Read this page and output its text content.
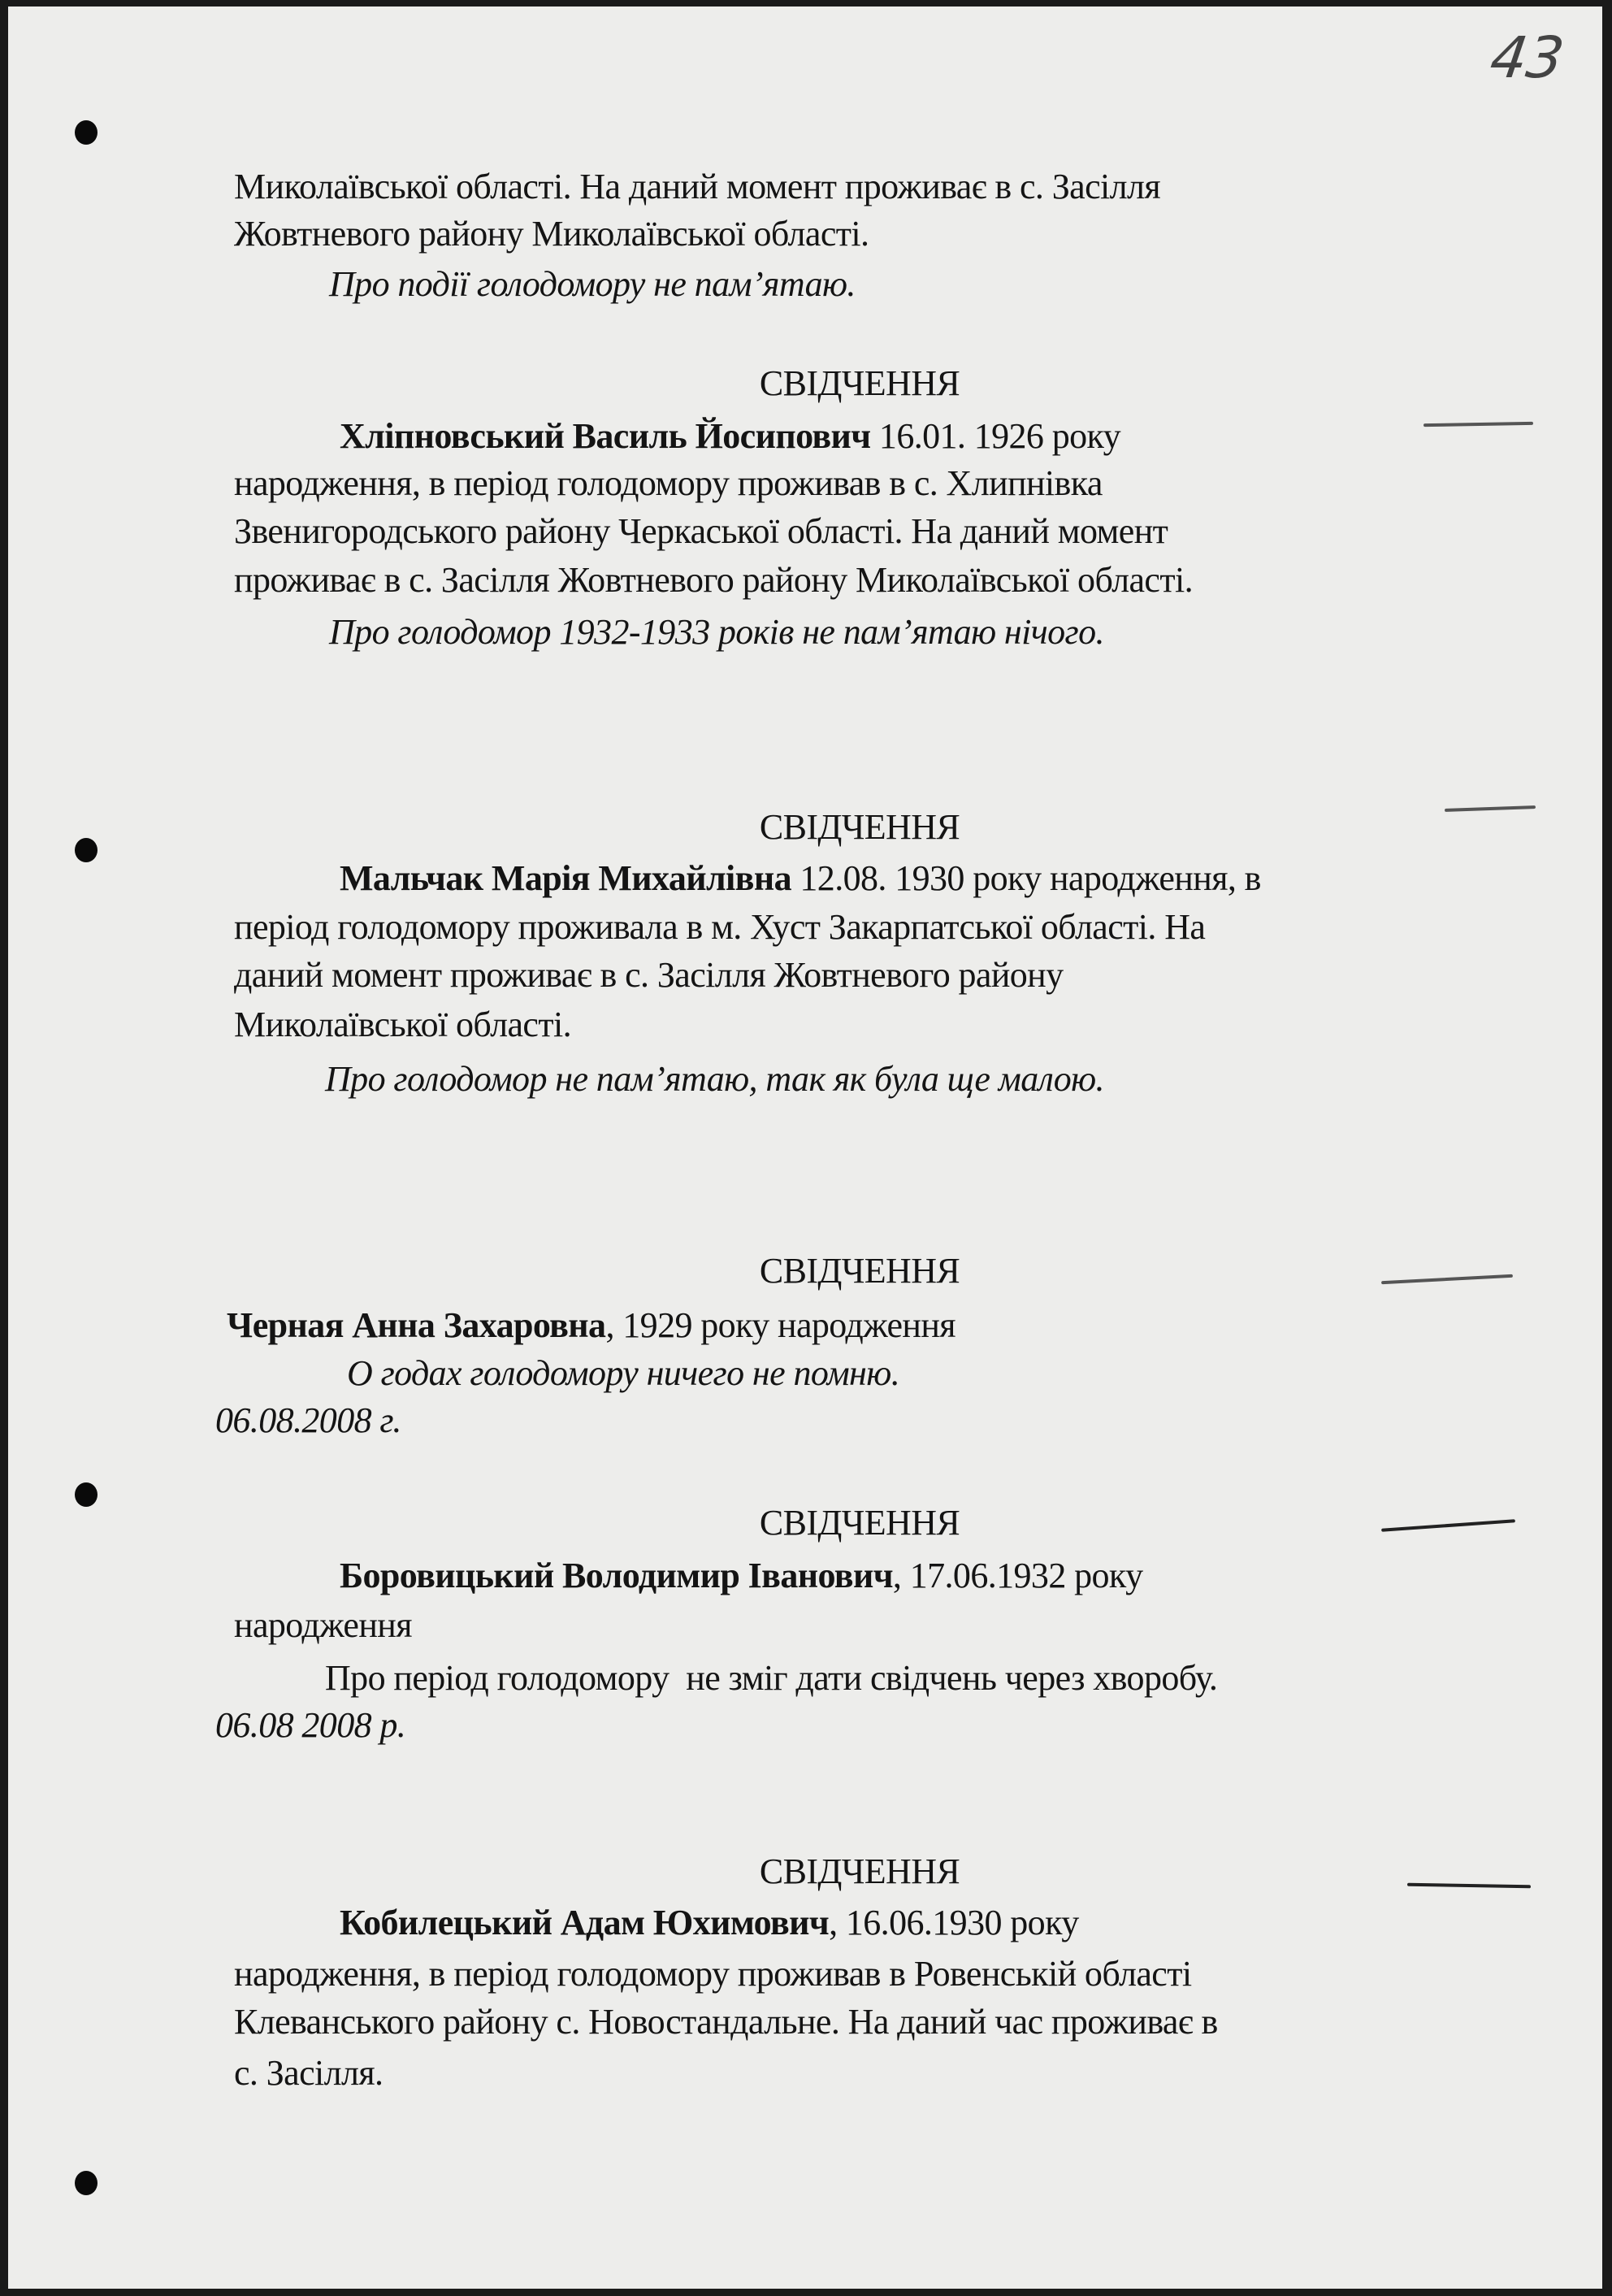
43
Миколаївської області. На даний момент проживає в с. Засілля
Жовтневого району Миколаївської області.
Про події голодомору не пам’ятаю.
СВІДЧЕННЯ
Хліпновський Василь Йосипович 16.01. 1926 року
народження, в період голодомору проживав в с. Хлипнівка
Звенигородського району Черкаської області. На даний момент
проживає в с. Засілля Жовтневого району Миколаївської області.
Про голодомор 1932-1933 років не пам’ятаю нічого.
СВІДЧЕННЯ
Мальчак Марія Михайлівна 12.08. 1930 року народження, в
період голодомору проживала в м. Хуст Закарпатської області. На
даний момент проживає в с. Засілля Жовтневого району
Миколаївської області.
Про голодомор не пам’ятаю, так як була ще малою.
СВІДЧЕННЯ
Черная Анна Захаровна, 1929 року народження
О годах голодомору ничего не помню.
06.08.2008 г.
СВІДЧЕННЯ
Боровицький Володимир Іванович, 17.06.1932 року
народження
Про період голодомору  не зміг дати свідчень через хворобу.
06.08 2008 р.
СВІДЧЕННЯ
Кобилецький Адам Юхимович, 16.06.1930 року
народження, в період голодомору проживав в Ровенській області
Клеванського району с. Новостандальне. На даний час проживає в
с. Засілля.
